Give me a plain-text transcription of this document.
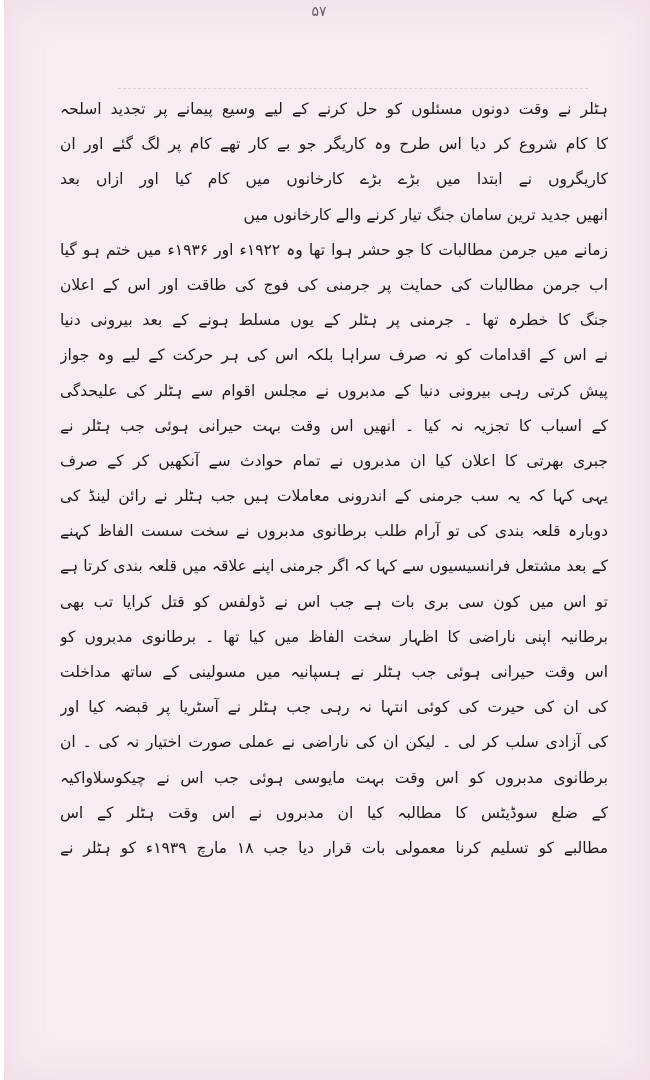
۵۷
ہٹلر نے وقت دونوں مسئلوں کو حل کرنے کے لیے وسیع پیمانے پر تجدید اسلحہ
کا کام شروع کر دیا اس طرح وہ کاریگر جو بے کار تھے کام پر لگ گئے اور ان
کاریگروں نے ابتدا میں بڑے بڑے کارخانوں میں کام کیا اور ازاں بعد
انھیں جدید ترین سامان جنگ تیار کرنے والے کارخانوں میں
زمانے میں جرمن مطالبات کا جو حشر ہوا تھا وہ ۱۹۲۲ء اور ۱۹۳۶ء میں ختم ہو گیا
اب جرمن مطالبات کی حمایت پر جرمنی کی فوج کی طاقت اور اس کے اعلان
جنگ کا خطرہ تھا ۔ جرمنی پر ہٹلر کے یوں مسلط ہونے کے بعد بیرونی دنیا
نے اس کے اقدامات کو نہ صرف سراہا بلکہ اس کی ہر حرکت کے لیے وہ جواز
پیش کرتی رہی بیرونی دنیا کے مدبروں نے مجلس اقوام سے ہٹلر کی علیحدگی
کے اسباب کا تجزیہ نہ کیا ۔ انھیں اس وقت بہت حیرانی ہوئی جب ہٹلر نے
جبری بھرتی کا اعلان کیا ان مدبروں نے تمام حوادث سے آنکھیں کر کے صرف
یہی کہا کہ یہ سب جرمنی کے اندرونی معاملات ہیں جب ہٹلر نے رائن لینڈ کی
دوبارہ قلعہ بندی کی تو آرام طلب برطانوی مدبروں نے سخت سست الفاظ کہنے
کے بعد مشتعل فرانسیسیوں سے کہا کہ اگر جرمنی اپنے علاقہ میں قلعہ بندی کرتا ہے
تو اس میں کون سی بری بات ہے جب اس نے ڈولفس کو قتل کرایا تب بھی
برطانیہ اپنی ناراضی کا اظہار سخت الفاظ میں کیا تھا ۔ برطانوی مدبروں کو
اس وقت حیرانی ہوئی جب ہٹلر نے ہسپانیہ میں مسولینی کے ساتھ مداخلت
کی ان کی حیرت کی کوئی انتہا نہ رہی جب ہٹلر نے آسٹریا پر قبضہ کیا اور
کی آزادی سلب کر لی ۔ لیکن ان کی ناراضی نے عملی صورت اختیار نہ کی ۔ ان
برطانوی مدبروں کو اس وقت بہت مایوسی ہوئی جب اس نے چیکوسلاواکیہ
کے ضلع سوڈیٹس کا مطالبہ کیا ان مدبروں نے اس وقت ہٹلر کے اس
مطالبے کو تسلیم کرنا معمولی بات قرار دیا جب ۱۸ مارچ ۱۹۳۹ء کو ہٹلر نے
